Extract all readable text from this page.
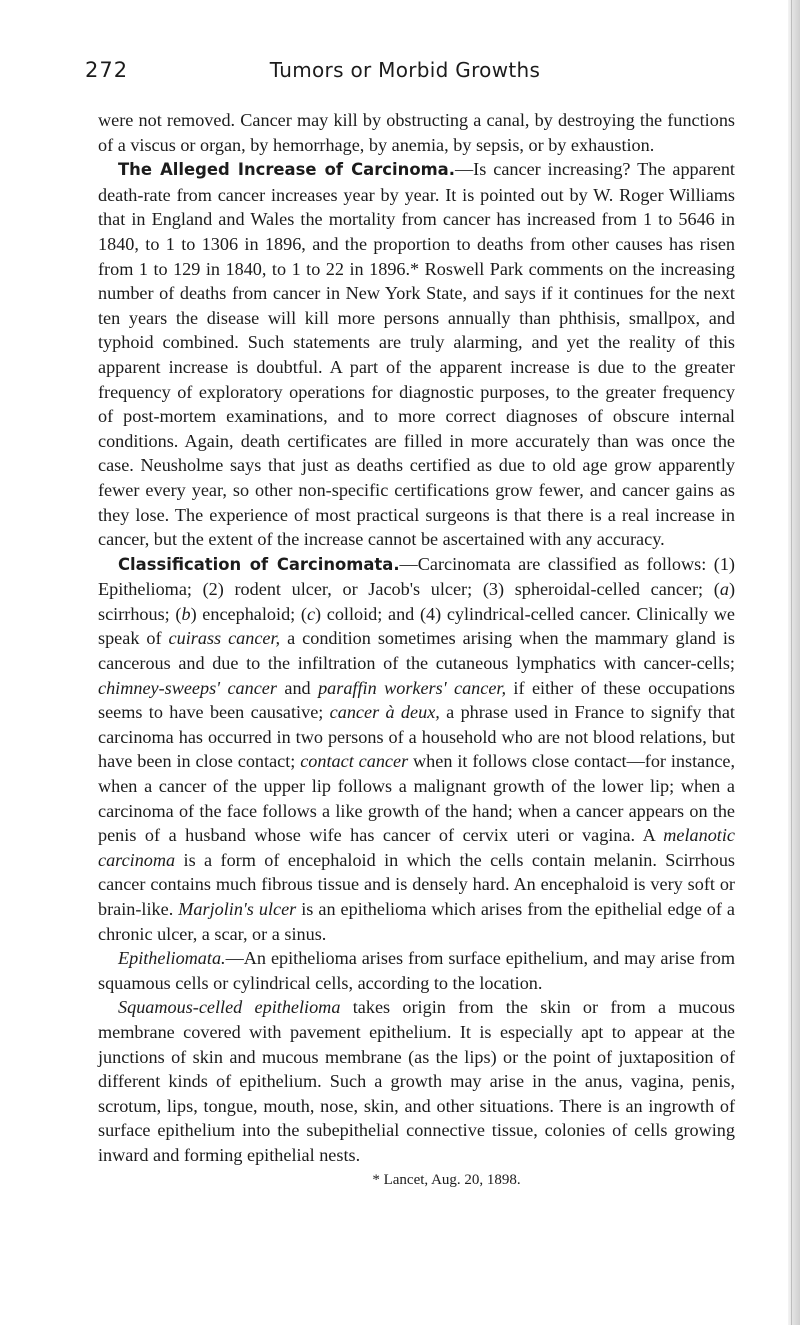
272	Tumors or Morbid Growths

were not removed. Cancer may kill by obstructing a canal, by destroying the functions of a viscus or organ, by hemorrhage, by anemia, by sepsis, or by exhaustion.

The Alleged Increase of Carcinoma.—Is cancer increasing? The apparent death-rate from cancer increases year by year. It is pointed out by W. Roger Williams that in England and Wales the mortality from cancer has increased from 1 to 5646 in 1840, to 1 to 1306 in 1896, and the proportion to deaths from other causes has risen from 1 to 129 in 1840, to 1 to 22 in 1896.* Roswell Park comments on the increasing number of deaths from cancer in New York State, and says if it continues for the next ten years the disease will kill more persons annually than phthisis, smallpox, and typhoid combined. Such statements are truly alarming, and yet the reality of this apparent increase is doubtful. A part of the apparent increase is due to the greater frequency of exploratory operations for diagnostic purposes, to the greater frequency of post-mortem examinations, and to more correct diagnoses of obscure internal conditions. Again, death certificates are filled in more accurately than was once the case. Neusholme says that just as deaths certified as due to old age grow apparently fewer every year, so other non-specific certifications grow fewer, and cancer gains as they lose. The experience of most practical surgeons is that there is a real increase in cancer, but the extent of the increase cannot be ascertained with any accuracy.

Classification of Carcinomata.—Carcinomata are classified as follows: (1) Epithelioma; (2) rodent ulcer, or Jacob's ulcer; (3) spheroidal-celled cancer; (a) scirrhous; (b) encephaloid; (c) colloid; and (4) cylindrical-celled cancer. Clinically we speak of cuirass cancer, a condition sometimes arising when the mammary gland is cancerous and due to the infiltration of the cutaneous lymphatics with cancer-cells; chimney-sweeps' cancer and paraffin workers' cancer, if either of these occupations seems to have been causative; cancer à deux, a phrase used in France to signify that carcinoma has occurred in two persons of a household who are not blood relations, but have been in close contact; contact cancer when it follows close contact—for instance, when a cancer of the upper lip follows a malignant growth of the lower lip; when a carcinoma of the face follows a like growth of the hand; when a cancer appears on the penis of a husband whose wife has cancer of cervix uteri or vagina. A melanotic carcinoma is a form of encephaloid in which the cells contain melanin. Scirrhous cancer contains much fibrous tissue and is densely hard. An encephaloid is very soft or brain-like. Marjolin's ulcer is an epithelioma which arises from the epithelial edge of a chronic ulcer, a scar, or a sinus.

Epitheliomata.—An epithelioma arises from surface epithelium, and may arise from squamous cells or cylindrical cells, according to the location.

Squamous-celled epithelioma takes origin from the skin or from a mucous membrane covered with pavement epithelium. It is especially apt to appear at the junctions of skin and mucous membrane (as the lips) or the point of juxtaposition of different kinds of epithelium. Such a growth may arise in the anus, vagina, penis, scrotum, lips, tongue, mouth, nose, skin, and other situations. There is an ingrowth of surface epithelium into the subepithelial connective tissue, colonies of cells growing inward and forming epithelial nests.

* Lancet, Aug. 20, 1898.
